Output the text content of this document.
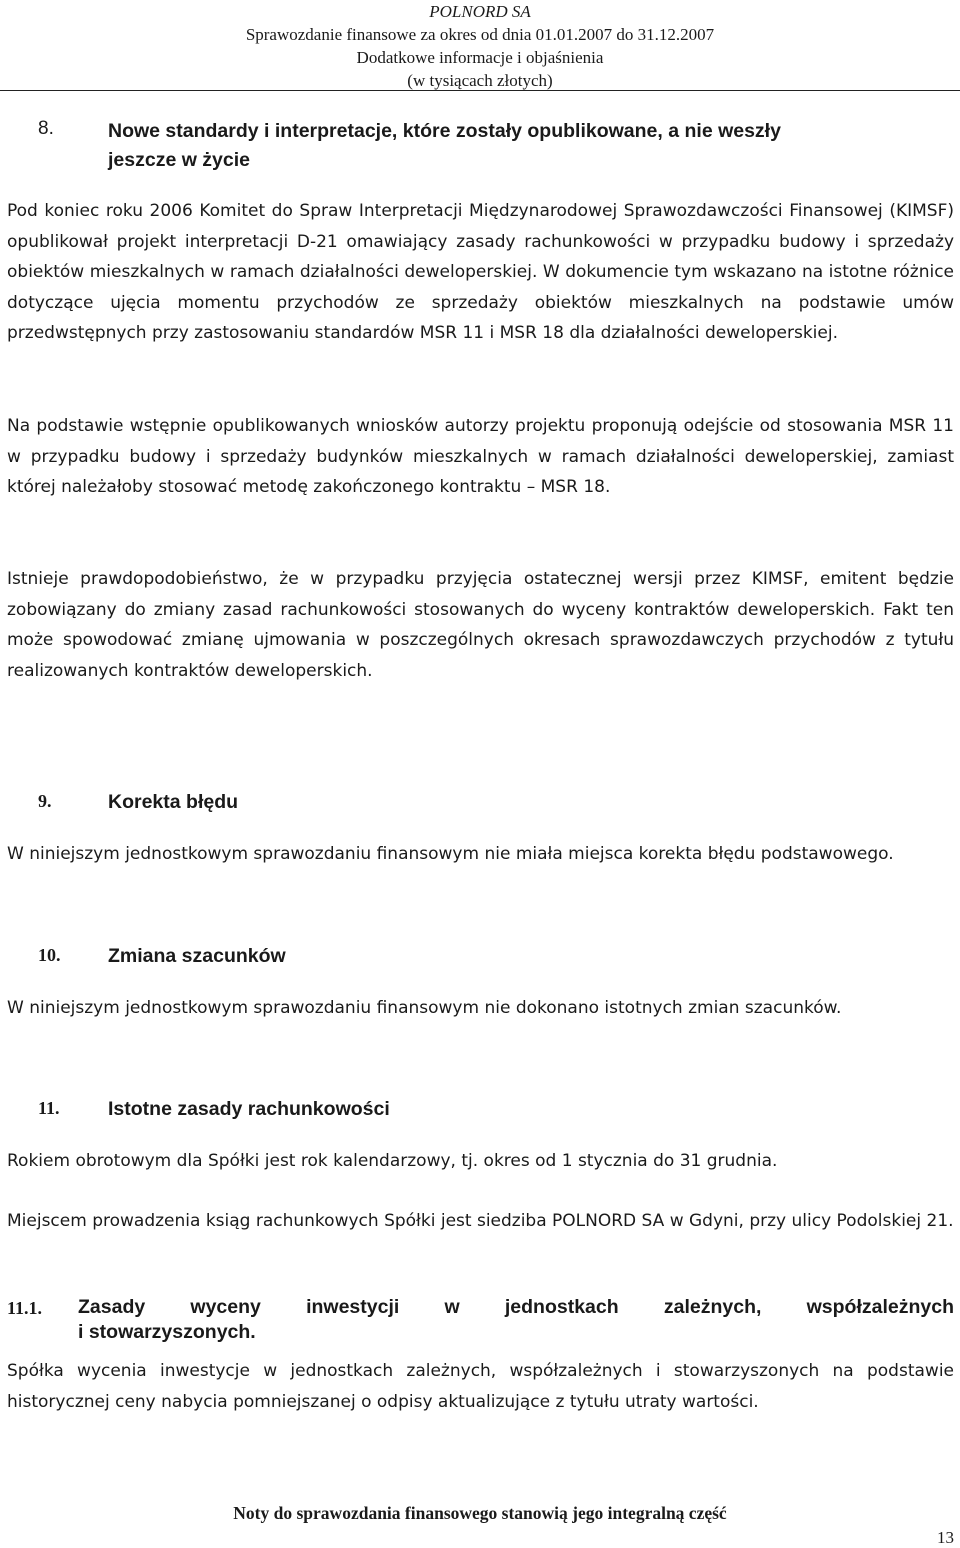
POLNORD SA
Sprawozdanie finansowe za okres od dnia 01.01.2007 do 31.12.2007
Dodatkowe informacje i objaśnienia
(w tysiącach złotych)
8.	Nowe standardy i interpretacje, które zostały opublikowane, a nie weszły
jeszcze w życie
Pod koniec roku 2006 Komitet do Spraw Interpretacji Międzynarodowej Sprawozdawczości Finansowej (KIMSF) opublikował projekt interpretacji D-21 omawiający zasady rachunkowości w przypadku budowy i sprzedaży obiektów mieszkalnych w ramach działalności deweloperskiej. W dokumencie tym wskazano na istotne różnice dotyczące ujęcia momentu przychodów ze sprzedaży obiektów mieszkalnych na podstawie umów przedwstępnych przy zastosowaniu standardów MSR 11 i MSR 18 dla działalności deweloperskiej.
Na podstawie wstępnie opublikowanych wniosków autorzy projektu proponują odejście od stosowania MSR 11 w przypadku budowy i sprzedaży budynków mieszkalnych w ramach działalności deweloperskiej, zamiast której należałoby stosować metodę zakończonego kontraktu – MSR 18.
Istnieje prawdopodobieństwo, że w przypadku przyjęcia ostatecznej wersji przez KIMSF, emitent będzie zobowiązany do zmiany zasad rachunkowości stosowanych do wyceny kontraktów deweloperskich. Fakt ten może spowodować zmianę ujmowania w poszczególnych okresach sprawozdawczych przychodów z tytułu realizowanych kontraktów deweloperskich.
9.	Korekta błędu
W niniejszym jednostkowym sprawozdaniu finansowym nie miała miejsca korekta błędu podstawowego.
10. Zmiana szacunków
W niniejszym jednostkowym sprawozdaniu finansowym nie dokonano istotnych zmian szacunków.
11. Istotne zasady rachunkowości
Rokiem obrotowym dla Spółki jest rok kalendarzowy, tj. okres od 1 stycznia do 31 grudnia.
Miejscem prowadzenia ksiąg rachunkowych Spółki jest siedziba POLNORD SA w Gdyni, przy ulicy Podolskiej 21.
11.1. Zasady wyceny inwestycji w jednostkach zależnych, współzależnych
i stowarzyszonych.
Spółka wycenia inwestycje w jednostkach zależnych, współzależnych i stowarzyszonych na podstawie historycznej ceny nabycia pomniejszanej o odpisy aktualizujące z tytułu utraty wartości.
Noty do sprawozdania finansowego stanowią jego integralną część
13
